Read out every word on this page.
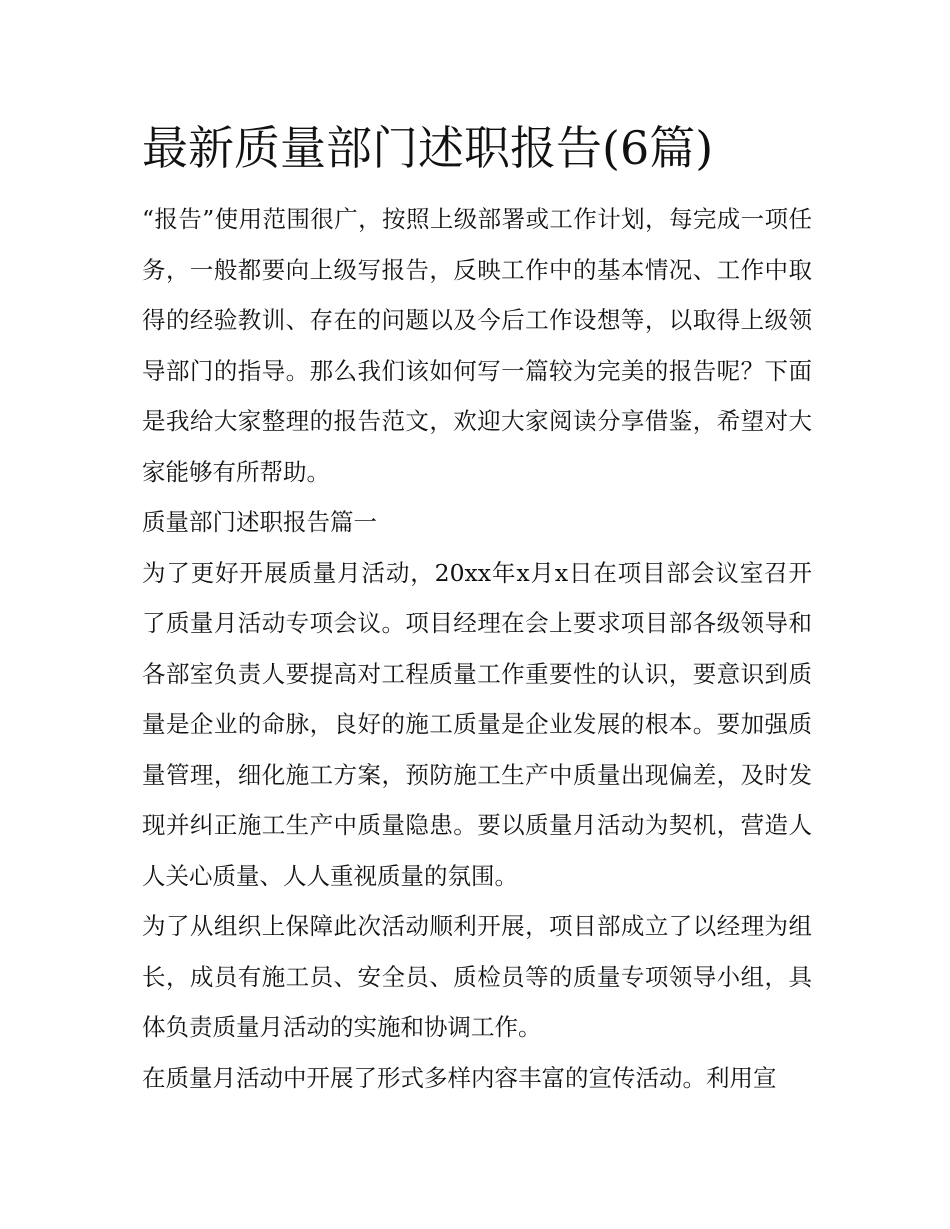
最新质量部门述职报告(6篇)

“报告”使用范围很广，按照上级部署或工作计划，每完成一项任务，一般都要向上级写报告，反映工作中的基本情况、工作中取得的经验教训、存在的问题以及今后工作设想等，以取得上级领导部门的指导。那么我们该如何写一篇较为完美的报告呢？下面是我给大家整理的报告范文，欢迎大家阅读分享借鉴，希望对大家能够有所帮助。

质量部门述职报告篇一

为了更好开展质量月活动，20xx年x月x日在项目部会议室召开了质量月活动专项会议。项目经理在会上要求项目部各级领导和各部室负责人要提高对工程质量工作重要性的认识，要意识到质量是企业的命脉，良好的施工质量是企业发展的根本。要加强质量管理，细化施工方案，预防施工生产中质量出现偏差，及时发现并纠正施工生产中质量隐患。要以质量月活动为契机，营造人人关心质量、人人重视质量的氛围。

为了从组织上保障此次活动顺利开展，项目部成立了以经理为组长，成员有施工员、安全员、质检员等的质量专项领导小组，具体负责质量月活动的实施和协调工作。

在质量月活动中开展了形式多样内容丰富的宣传活动。利用宣
